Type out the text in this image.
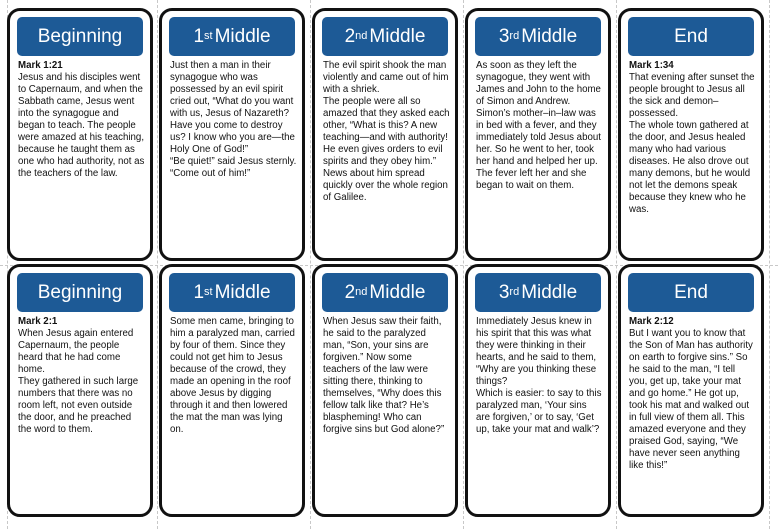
Beginning
Mark 1:21
Jesus and his disciples went to Capernaum, and when the Sabbath came, Jesus went into the synagogue and began to teach. The people were amazed at his teaching, because he taught them as one who had authority, not as the teachers of the law.
1st Middle
Just then a man in their synagogue who was possessed by an evil spirit cried out, “What do you want with us, Jesus of Nazareth? Have you come to destroy us? I know who you are—the Holy One of God!”
“Be quiet!” said Jesus sternly. “Come out of him!”
2nd Middle
The evil spirit shook the man violently and came out of him with a shriek.
The people were all so amazed that they asked each other, “What is this? A new teaching—and with authority! He even gives orders to evil spirits and they obey him.”
News about him spread quickly over the whole region of Galilee.
3rd Middle
As soon as they left the synagogue, they went with James and John to the home of Simon and Andrew. Simon’s mother–in–law was in bed with a fever, and they immediately told Jesus about her. So he went to her, took her hand and helped her up. The fever left her and she began to wait on them.
End
Mark 1:34
That evening after sunset the people brought to Jesus all the sick and demon–possessed.
The whole town gathered at the door, and Jesus healed many who had various diseases. He also drove out many demons, but he would not let the demons speak because they knew who he was.
Beginning
Mark 2:1
When Jesus again entered Capernaum, the people heard that he had come home.
They gathered in such large numbers that there was no room left, not even outside the door, and he preached the word to them.
1st Middle
Some men came, bringing to him a paralyzed man, carried by four of them. Since they could not get him to Jesus because of the crowd, they made an opening in the roof above Jesus by digging through it and then lowered the mat the man was lying on.
2nd Middle
When Jesus saw their faith, he said to the paralyzed man, “Son, your sins are forgiven.” Now some teachers of the law were sitting there, thinking to themselves, “Why does this fellow talk like that? He’s blaspheming! Who can forgive sins but God alone?”
3rd Middle
Immediately Jesus knew in his spirit that this was what they were thinking in their hearts, and he said to them, “Why are you thinking these things?
Which is easier: to say to this paralyzed man, ‘Your sins are forgiven,’ or to say, ‘Get up, take your mat and walk’?
End
Mark 2:12
But I want you to know that the Son of Man has authority on earth to forgive sins.” So he said to the man, “I tell you, get up, take your mat and go home.” He got up, took his mat and walked out in full view of them all. This amazed everyone and they praised God, saying, “We have never seen anything like this!”
